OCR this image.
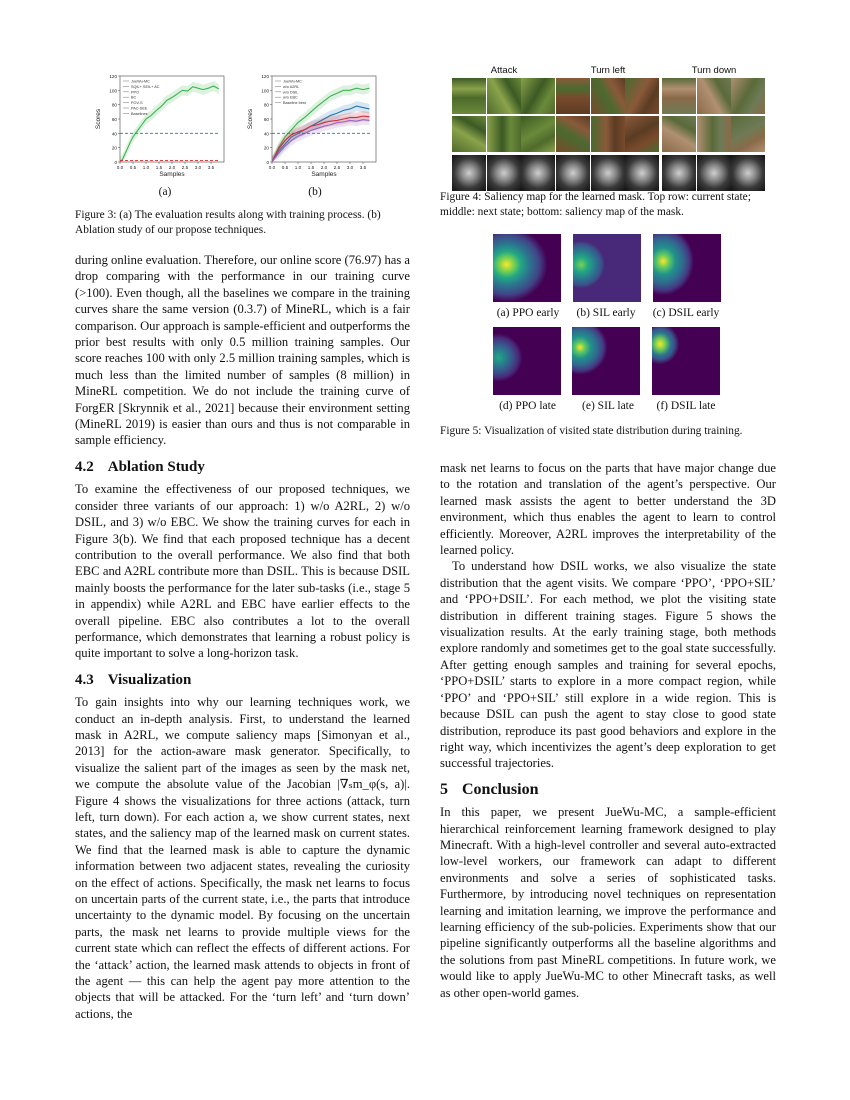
0
20
40
60
80
100
120
0.0 0.5 1.0 1.5 2.0 2.5 3.0 3.5
Samples
Scores
JueWu-MC
SQIL+ SEIL+ AC
PPO
BC
POV-S
PAC-SEE
Baselines
0
20
40
60
80
100
120
0.0 0.5 1.0 1.5 2.0 2.5 3.0 3.5
Samples
Scores
JueWu-MC
w/o A2RL
w/o DSIL
w/o EBC
Baseline best
(a)	(b)
Figure 3: (a) The evaluation results along with training process. (b) Ablation study of our propose techniques.
Attack	Turn left	Turn down
Figure 4: Saliency map for the learned mask. Top row: current state; middle: next state; bottom: saliency map of the mask.
(a) PPO early	(b) SIL early	(c) DSIL early
(d) PPO late	(e) SIL late	(f) DSIL late
Figure 5: Visualization of visited state distribution during training.

during online evaluation. Therefore, our online score (76.97) has a drop comparing with the performance in our training curve (>100). Even though, all the baselines we compare in the training curves share the same version (0.3.7) of MineRL, which is a fair comparison. Our approach is sample-efficient and outperforms the prior best results with only 0.5 million training samples. Our score reaches 100 with only 2.5 million training samples, which is much less than the limited number of samples (8 million) in MineRL competition. We do not include the training curve of ForgER [Skrynnik et al., 2021] because their environment setting (MineRL 2019) is easier than ours and thus is not comparable in sample efficiency.

4.2 Ablation Study

To examine the effectiveness of our proposed techniques, we consider three variants of our approach: 1) w/o A2RL, 2) w/o DSIL, and 3) w/o EBC. We show the training curves for each in Figure 3(b). We find that each proposed technique has a decent contribution to the overall performance. We also find that both EBC and A2RL contribute more than DSIL. This is because DSIL mainly boosts the performance for the later sub-tasks (i.e., stage 5 in appendix) while A2RL and EBC have earlier effects to the overall pipeline. EBC also contributes a lot to the overall performance, which demonstrates that learning a robust policy is quite important to solve a long-horizon task.

4.3 Visualization

To gain insights into why our learning techniques work, we conduct an in-depth analysis. First, to understand the learned mask in A2RL, we compute saliency maps [Simonyan et al., 2013] for the action-aware mask generator. Specifically, to visualize the salient part of the images as seen by the mask net, we compute the absolute value of the Jacobian |∇ₛm_φ(s, a)|. Figure 4 shows the visualizations for three actions (attack, turn left, turn down). For each action a, we show current states, next states, and the saliency map of the learned mask on current states. We find that the learned mask is able to capture the dynamic information between two adjacent states, revealing the curiosity on the effect of actions. Specifically, the mask net learns to focus on uncertain parts of the current state, i.e., the parts that introduce uncertainty to the dynamic model. By focusing on the uncertain parts, the mask net learns to provide multiple views for the current state which can reflect the effects of different actions. For the ‘attack’ action, the learned mask attends to objects in front of the agent — this can help the agent pay more attention to the objects that will be attacked. For the ‘turn left’ and ‘turn down’ actions, the

mask net learns to focus on the parts that have major change due to the rotation and translation of the agent’s perspective. Our learned mask assists the agent to better understand the 3D environment, which thus enables the agent to learn to control efficiently. Moreover, A2RL improves the interpretability of the learned policy.

To understand how DSIL works, we also visualize the state distribution that the agent visits. We compare ‘PPO’, ‘PPO+SIL’ and ‘PPO+DSIL’. For each method, we plot the visiting state distribution in different training stages. Figure 5 shows the visualization results. At the early training stage, both methods explore randomly and sometimes get to the goal state successfully. After getting enough samples and training for several epochs, ‘PPO+DSIL’ starts to explore in a more compact region, while ‘PPO’ and ‘PPO+SIL’ still explore in a wide region. This is because DSIL can push the agent to stay close to good state distribution, reproduce its past good behaviors and explore in the right way, which incentivizes the agent’s deep exploration to get successful trajectories.

5 Conclusion

In this paper, we present JueWu-MC, a sample-efficient hierarchical reinforcement learning framework designed to play Minecraft. With a high-level controller and several auto-extracted low-level workers, our framework can adapt to different environments and solve a series of sophisticated tasks. Furthermore, by introducing novel techniques on representation learning and imitation learning, we improve the performance and learning efficiency of the sub-policies. Experiments show that our pipeline significantly outperforms all the baseline algorithms and the solutions from past MineRL competitions. In future work, we would like to apply JueWu-MC to other Minecraft tasks, as well as other open-world games.
